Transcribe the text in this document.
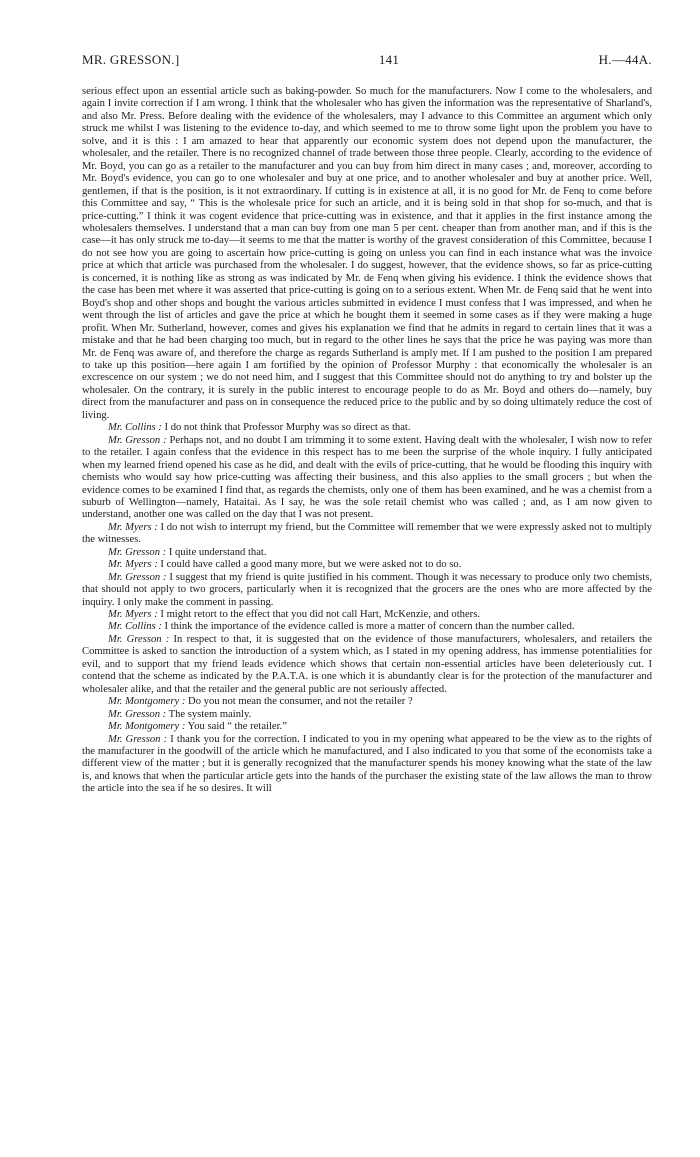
MR. GRESSON.]	141	H.—44A.

serious effect upon an essential article such as baking-powder. So much for the manufacturers. Now I come to the wholesalers, and again I invite correction if I am wrong. I think that the wholesaler who has given the information was the representative of Sharland's, and also Mr. Press. Before dealing with the evidence of the wholesalers, may I advance to this Committee an argument which only struck me whilst I was listening to the evidence to-day, and which seemed to me to throw some light upon the problem you have to solve, and it is this : I am amazed to hear that apparently our economic system does not depend upon the manufacturer, the wholesaler, and the retailer. There is no recognized channel of trade between those three people. Clearly, according to the evidence of Mr. Boyd, you can go as a retailer to the manufacturer and you can buy from him direct in many cases ; and, moreover, according to Mr. Boyd's evidence, you can go to one wholesaler and buy at one price, and to another wholesaler and buy at another price. Well, gentlemen, if that is the position, is it not extraordinary. If cutting is in existence at all, it is no good for Mr. de Fenq to come before this Committee and say, “ This is the wholesale price for such an article, and it is being sold in that shop for so-much, and that is price-cutting.” I think it was cogent evidence that price-cutting was in existence, and that it applies in the first instance among the wholesalers themselves. I understand that a man can buy from one man 5 per cent. cheaper than from another man, and if this is the case—it has only struck me to-day—it seems to me that the matter is worthy of the gravest consideration of this Committee, because I do not see how you are going to ascertain how price-cutting is going on unless you can find in each instance what was the invoice price at which that article was purchased from the wholesaler. I do suggest, however, that the evidence shows, so far as price-cutting is concerned, it is nothing like as strong as was indicated by Mr. de Fenq when giving his evidence. I think the evidence shows that the case has been met where it was asserted that price-cutting is going on to a serious extent. When Mr. de Fenq said that he went into Boyd's shop and other shops and bought the various articles submitted in evidence I must confess that I was impressed, and when he went through the list of articles and gave the price at which he bought them it seemed in some cases as if they were making a huge profit. When Mr. Sutherland, however, comes and gives his explanation we find that he admits in regard to certain lines that it was a mistake and that he had been charging too much, but in regard to the other lines he says that the price he was paying was more than Mr. de Fenq was aware of, and therefore the charge as regards Sutherland is amply met. If I am pushed to the position I am prepared to take up this position—here again I am fortified by the opinion of Professor Murphy : that economically the wholesaler is an excrescence on our system ; we do not need him, and I suggest that this Committee should not do anything to try and bolster up the wholesaler. On the contrary, it is surely in the public interest to encourage people to do as Mr. Boyd and others do—namely, buy direct from the manufacturer and pass on in consequence the reduced price to the public and by so doing ultimately reduce the cost of living.

Mr. Collins : I do not think that Professor Murphy was so direct as that.

Mr. Gresson : Perhaps not, and no doubt I am trimming it to some extent. Having dealt with the wholesaler, I wish now to refer to the retailer. I again confess that the evidence in this respect has to me been the surprise of the whole inquiry. I fully anticipated when my learned friend opened his case as he did, and dealt with the evils of price-cutting, that he would be flooding this inquiry with chemists who would say how price-cutting was affecting their business, and this also applies to the small grocers ; but when the evidence comes to be examined I find that, as regards the chemists, only one of them has been examined, and he was a chemist from a suburb of Wellington—namely, Hataitai. As I say, he was the sole retail chemist who was called ; and, as I am now given to understand, another one was called on the day that I was not present.

Mr. Myers : I do not wish to interrupt my friend, but the Committee will remember that we were expressly asked not to multiply the witnesses.

Mr. Gresson : I quite understand that.

Mr. Myers : I could have called a good many more, but we were asked not to do so.

Mr. Gresson : I suggest that my friend is quite justified in his comment. Though it was necessary to produce only two chemists, that should not apply to two grocers, particularly when it is recognized that the grocers are the ones who are more affected by the inquiry. I only make the comment in passing.

Mr. Myers : I might retort to the effect that you did not call Hart, McKenzie, and others.

Mr. Collins : I think the importance of the evidence called is more a matter of concern than the number called.

Mr. Gresson : In respect to that, it is suggested that on the evidence of those manufacturers, wholesalers, and retailers the Committee is asked to sanction the introduction of a system which, as I stated in my opening address, has immense potentialities for evil, and to support that my friend leads evidence which shows that certain non-essential articles have been deleteriously cut. I contend that the scheme as indicated by the P.A.T.A. is one which it is abundantly clear is for the protection of the manufacturer and wholesaler alike, and that the retailer and the general public are not seriously affected.

Mr. Montgomery : Do you not mean the consumer, and not the retailer ?

Mr. Gresson : The system mainly.

Mr. Montgomery : You said “ the retailer.”

Mr. Gresson : I thank you for the correction. I indicated to you in my opening what appeared to be the view as to the rights of the manufacturer in the goodwill of the article which he manufactured, and I also indicated to you that some of the economists take a different view of the matter ; but it is generally recognized that the manufacturer spends his money knowing what the state of the law is, and knows that when the particular article gets into the hands of the purchaser the existing state of the law allows the man to throw the article into the sea if he so desires. It will
